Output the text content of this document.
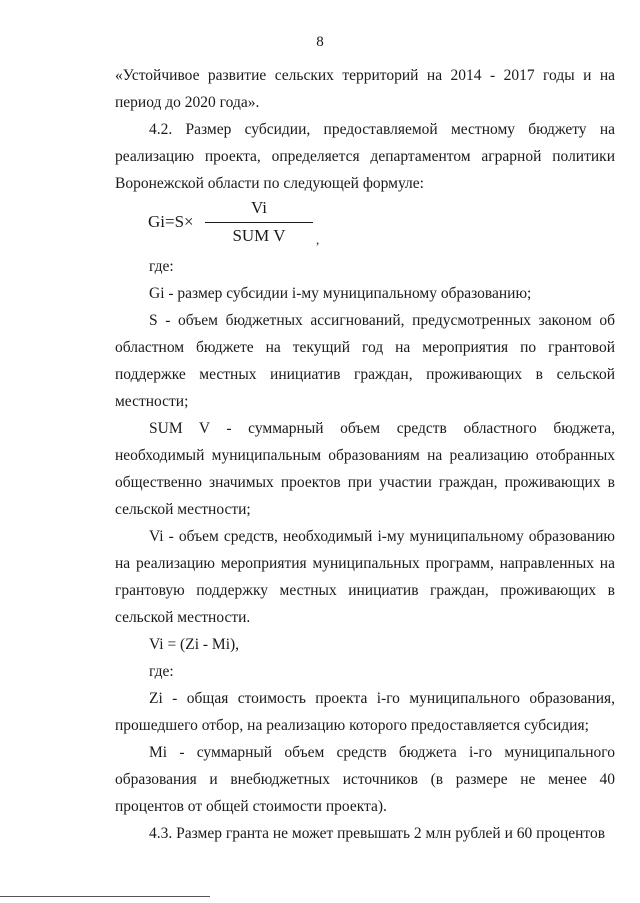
8

«Устойчивое развитие сельских территорий на 2014 - 2017 годы и на период до 2020 года».

4.2. Размер субсидии, предоставляемой местному бюджету на реализацию проекта, определяется департаментом аграрной политики Воронежской области по следующей формуле:

Gi=S×
Vi
SUM V	,

где:

Gi - размер субсидии i-му муниципальному образованию;

S - объем бюджетных ассигнований, предусмотренных законом об областном бюджете на текущий год на мероприятия по грантовой поддержке местных инициатив граждан, проживающих в сельской местности;

SUM V - суммарный объем средств областного бюджета, необходимый муниципальным образованиям на реализацию отобранных общественно значимых проектов при участии граждан, проживающих в сельской местности;

Vi - объем средств, необходимый i-му муниципальному образованию на реализацию мероприятия муниципальных программ, направленных на грантовую поддержку местных инициатив граждан, проживающих в сельской местности.

Vi = (Zi - Mi),

где:

Zi - общая стоимость проекта i-го муниципального образования, прошедшего отбор, на реализацию которого предоставляется субсидия;

Mi - суммарный объем средств бюджета i-го муниципального образования и внебюджетных источников (в размере не менее 40 процентов от общей стоимости проекта).

4.3. Размер гранта не может превышать 2 млн рублей и 60 процентов
